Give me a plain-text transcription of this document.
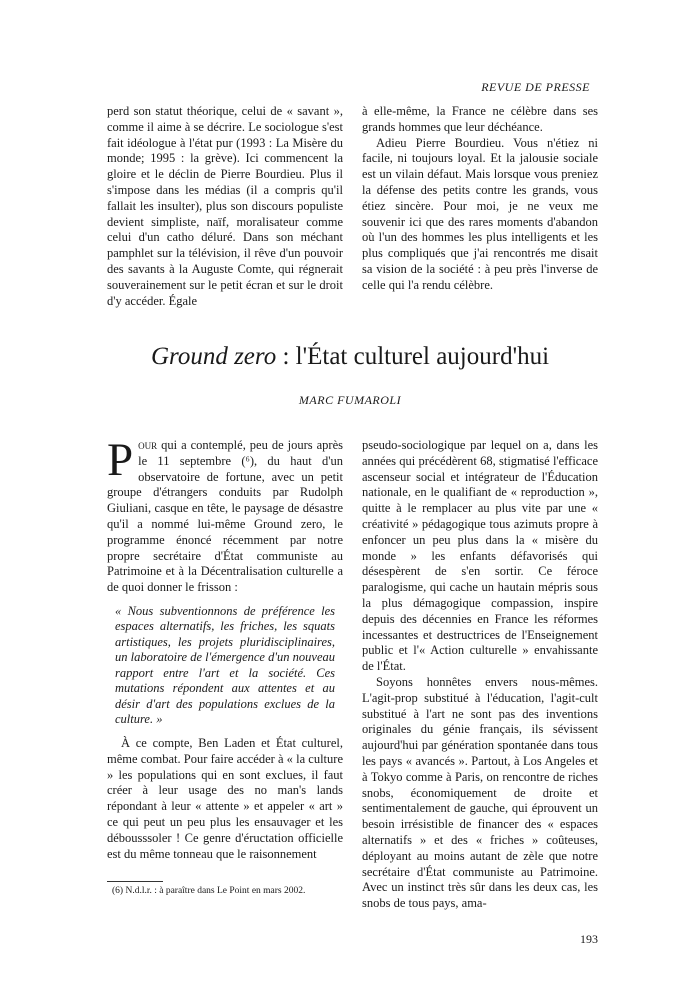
REVUE DE PRESSE

perd son statut théorique, celui de « savant », comme il aime à se décrire. Le sociologue s'est fait idéologue à l'état pur (1993 : La Misère du monde; 1995 : la grève). Ici commencent la gloire et le déclin de Pierre Bourdieu. Plus il s'impose dans les médias (il a compris qu'il fallait les insulter), plus son discours populiste devient simpliste, naïf, moralisateur comme celui d'un catho déluré. Dans son méchant pamphlet sur la télévision, il rêve d'un pouvoir des savants à la Auguste Comte, qui régnerait souverainement sur le petit écran et sur le droit d'y accéder. Égale

à elle-même, la France ne célèbre dans ses grands hommes que leur déchéance.

Adieu Pierre Bourdieu. Vous n'étiez ni facile, ni toujours loyal. Et la jalousie sociale est un vilain défaut. Mais lorsque vous preniez la défense des petits contre les grands, vous étiez sincère. Pour moi, je ne veux me souvenir ici que des rares moments d'abandon où l'un des hommes les plus intelligents et les plus compliqués que j'ai rencontrés me disait sa vision de la société : à peu près l'inverse de celle qui l'a rendu célèbre.

Ground zero : l'État culturel aujourd'hui
MARC FUMAROLI

Pour qui a contemplé, peu de jours après le 11 septembre (⁶), du haut d'un observatoire de fortune, avec un petit groupe d'étrangers conduits par Rudolph Giuliani, casque en tête, le paysage de désastre qu'il a nommé lui-même Ground zero, le programme énoncé récemment par notre propre secrétaire d'État communiste au Patrimoine et à la Décentralisation culturelle a de quoi donner le frisson :

« Nous subventionnons de préférence les espaces alternatifs, les friches, les squats artistiques, les projets pluridisciplinaires, un laboratoire de l'émergence d'un nouveau rapport entre l'art et la société. Ces mutations répondent aux attentes et au désir d'art des populations exclues de la culture. »

À ce compte, Ben Laden et État culturel, même combat. Pour faire accéder à « la culture » les populations qui en sont exclues, il faut créer à leur usage des no man's lands répondant à leur « attente » et appeler « art » ce qui peut un peu plus les ensauvager et les débousssoler ! Ce genre d'éructation officielle est du même tonneau que le raisonnement

pseudo-sociologique par lequel on a, dans les années qui précédèrent 68, stigmatisé l'efficace ascenseur social et intégrateur de l'Éducation nationale, en le qualifiant de « reproduction », quitte à le remplacer au plus vite par une « créativité » pédagogique tous azimuts propre à enfoncer un peu plus dans la « misère du monde » les enfants défavorisés qui désespèrent de s'en sortir. Ce féroce paralogisme, qui cache un hautain mépris sous la plus démagogique compassion, inspire depuis des décennies en France les réformes incessantes et destructrices de l'Enseignement public et l'« Action culturelle » envahissante de l'État.

Soyons honnêtes envers nous-mêmes. L'agit-prop substitué à l'éducation, l'agit-cult substitué à l'art ne sont pas des inventions originales du génie français, ils sévissent aujourd'hui par génération spontanée dans tous les pays « avancés ». Partout, à Los Angeles et à Tokyo comme à Paris, on rencontre de riches snobs, économiquement de droite et sentimentalement de gauche, qui éprouvent un besoin irrésistible de financer des « espaces alternatifs » et des « friches » coûteuses, déployant au moins autant de zèle que notre secrétaire d'État communiste au Patrimoine. Avec un instinct très sûr dans les deux cas, les snobs de tous pays, ama-

(6) N.d.l.r. : à paraître dans Le Point en mars 2002.
193
